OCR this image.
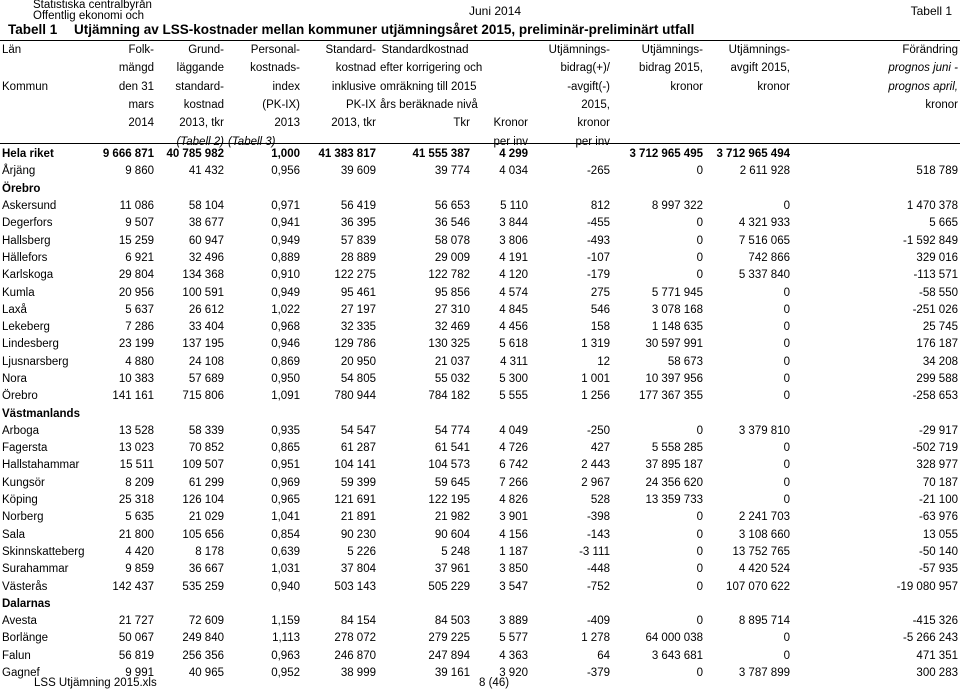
Statistiska centralbyrån
Offentlig ekonomi och	Juni 2014	Tabell 1
Tabell 1 Utjämning av LSS-kostnader mellan kommuner utjämningsåret 2015, preliminär-preliminärt utfall
Län	Folk-	Grund-	Personal-	Standard-	Standardkostnad		Utjämnings-	Utjämnings-	Utjämnings-	Förändring
	mängd	läggande	kostnads-	kostnad	efter korrigering och		bidrag(+)/	bidrag 2015,	avgift 2015,	prognos juni -
Kommun	den 31	standard-	index	inklusive	omräkning till 2015		-avgift(-)	kronor	kronor	prognos april,
	mars	kostnad	(PK-IX)	PK-IX	års beräknade nivå		2015,			kronor
	2014	2013, tkr	2013	2013, tkr	Tkr	Kronor	kronor			
		(Tabell 2)	(Tabell 3)			per inv	per inv			
Hela riket	9 666 871	40 785 982	1,000	41 383 817	41 555 387	4 299		3 712 965 495	3 712 965 494	
Årjäng	9 860	41 432	0,956	39 609	39 774	4 034	-265	0	2 611 928	518 789
Örebro										
Askersund	11 086	58 104	0,971	56 419	56 653	5 110	812	8 997 322	0	1 470 378
Degerfors	9 507	38 677	0,941	36 395	36 546	3 844	-455	0	4 321 933	5 665
Hallsberg	15 259	60 947	0,949	57 839	58 078	3 806	-493	0	7 516 065	-1 592 849
Hällefors	6 921	32 496	0,889	28 889	29 009	4 191	-107	0	742 866	329 016
Karlskoga	29 804	134 368	0,910	122 275	122 782	4 120	-179	0	5 337 840	-113 571
Kumla	20 956	100 591	0,949	95 461	95 856	4 574	275	5 771 945	0	-58 550
Laxå	5 637	26 612	1,022	27 197	27 310	4 845	546	3 078 168	0	-251 026
Lekeberg	7 286	33 404	0,968	32 335	32 469	4 456	158	1 148 635	0	25 745
Lindesberg	23 199	137 195	0,946	129 786	130 325	5 618	1 319	30 597 991	0	176 187
Ljusnarsberg	4 880	24 108	0,869	20 950	21 037	4 311	12	58 673	0	34 208
Nora	10 383	57 689	0,950	54 805	55 032	5 300	1 001	10 397 956	0	299 588
Örebro	141 161	715 806	1,091	780 944	784 182	5 555	1 256	177 367 355	0	-258 653
Västmanlands										
Arboga	13 528	58 339	0,935	54 547	54 774	4 049	-250	0	3 379 810	-29 917
Fagersta	13 023	70 852	0,865	61 287	61 541	4 726	427	5 558 285	0	-502 719
Hallstahammar	15 511	109 507	0,951	104 141	104 573	6 742	2 443	37 895 187	0	328 977
Kungsör	8 209	61 299	0,969	59 399	59 645	7 266	2 967	24 356 620	0	70 187
Köping	25 318	126 104	0,965	121 691	122 195	4 826	528	13 359 733	0	-21 100
Norberg	5 635	21 029	1,041	21 891	21 982	3 901	-398	0	2 241 703	-63 976
Sala	21 800	105 656	0,854	90 230	90 604	4 156	-143	0	3 108 660	13 055
Skinnskatteberg	4 420	8 178	0,639	5 226	5 248	1 187	-3 111	0	13 752 765	-50 140
Surahammar	9 859	36 667	1,031	37 804	37 961	3 850	-448	0	4 420 524	-57 935
Västerås	142 437	535 259	0,940	503 143	505 229	3 547	-752	0	107 070 622	-19 080 957
Dalarnas										
Avesta	21 727	72 609	1,159	84 154	84 503	3 889	-409	0	8 895 714	-415 326
Borlänge	50 067	249 840	1,113	278 072	279 225	5 577	1 278	64 000 038	0	-5 266 243
Falun	56 819	256 356	0,963	246 870	247 894	4 363	64	3 643 681	0	471 351
Gagnef	9 991	40 965	0,952	38 999	39 161	3 920	-379	0	3 787 899	300 283
LSS Utjämning 2015.xls	8 (46)
